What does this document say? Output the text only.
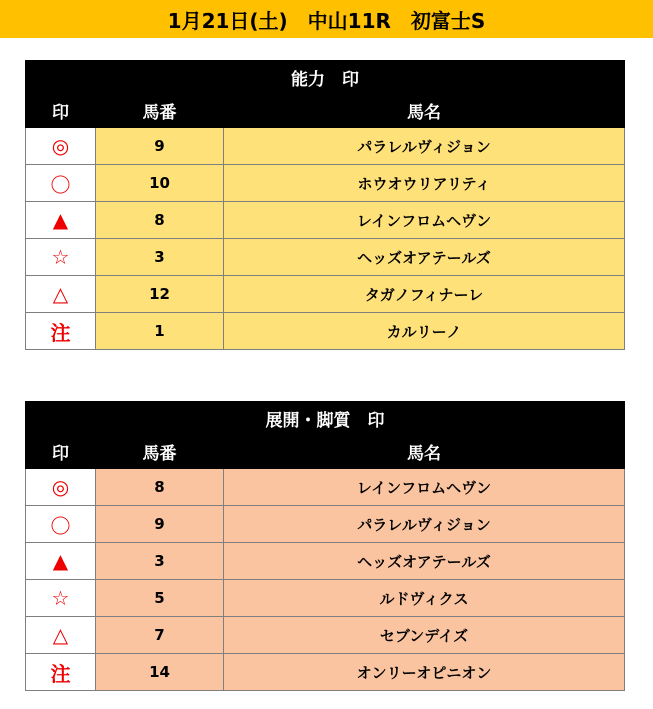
1月21日(土)　中山11R　初富士S
能力　印		
印	馬番	馬名
◎	9	パラレルヴィジョン
〇	10	ホウオウリアリティ
▲	8	レインフロムヘヴン
☆	3	ヘッズオアテールズ
△	12	タガノフィナーレ
注	1	カルリーノ
展開・脚質　印		
印	馬番	馬名
◎	8	レインフロムヘヴン
〇	9	パラレルヴィジョン
▲	3	ヘッズオアテールズ
☆	5	ルドヴィクス
△	7	セブンデイズ
注	14	オンリーオピニオン
